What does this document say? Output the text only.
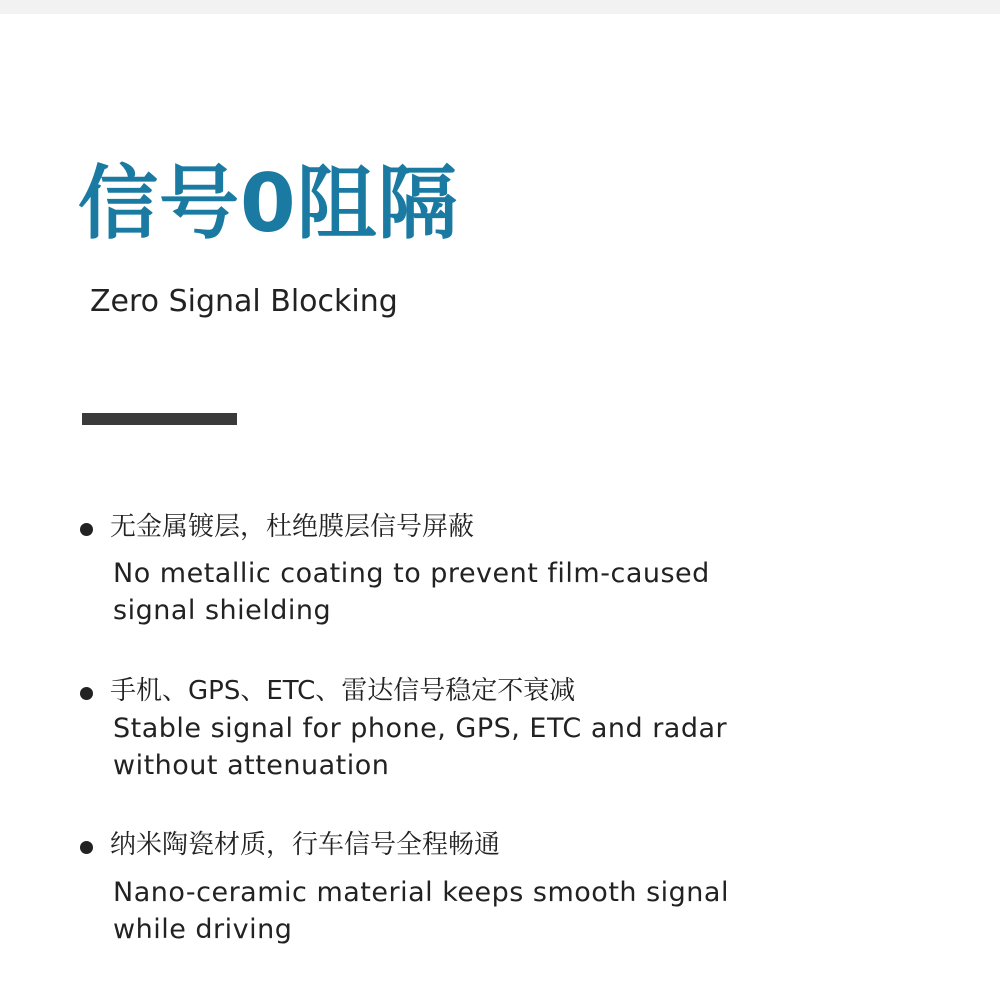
信号0阻隔
Zero Signal Blocking
无金属镀层，杜绝膜层信号屏蔽
No metallic coating to prevent film-caused
signal shielding
手机、GPS、ETC、雷达信号稳定不衰减
Stable signal for phone, GPS, ETC and radar
without attenuation
纳米陶瓷材质，行车信号全程畅通
Nano-ceramic material keeps smooth signal
while driving
